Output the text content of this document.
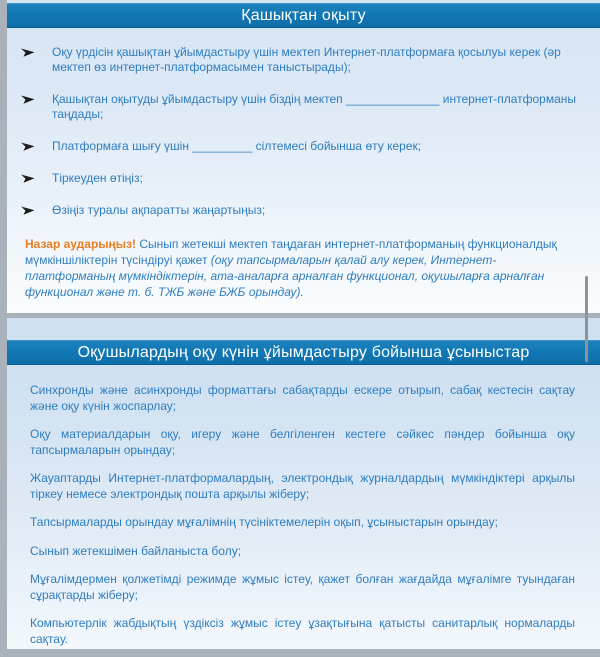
Қашықтан оқыту
Оқу үрдісін қашықтан ұйымдастыру үшін мектеп Интернет-платформаға қосылуы керек (әр мектеп өз интернет-платформасымен таныстырады);
Қашықтан оқытуды ұйымдастыру үшін біздің мектеп ______________ интернет-платформаны таңдады;
Платформаға шығу үшін _________ сілтемесі бойынша өту керек;
Тіркеуден өтіңіз;
Өзіңіз туралы ақпаратты жаңартыңыз;

Назар аударыңыз! Сынып жетекші мектеп таңдаған интернет-платформаның функционалдық мүмкіншіліктерін түсіндіруі қажет (оқу тапсырмаларын қалай алу керек, Интернет-платформаның мүмкіндіктерін, ата-аналарға арналған функционал, оқушыларға арналған функционал және т. б. ТЖБ және БЖБ орындау).

Оқушылардың оқу күнін ұйымдастыру бойынша ұсыныстар

Синхронды және асинхронды форматтағы сабақтарды ескере отырып, сабақ кестесін сақтау және оқу күнін жоспарлау;

Оқу материалдарын оқу, игеру және белгіленген кестеге сәйкес пәндер бойынша оқу тапсырмаларын орындау;

Жауаптарды Интернет-платформалардың, электрондық журналдардың мүмкіндіктері арқылы тіркеу немесе электрондық пошта арқылы жіберу;

Тапсырмаларды орындау мұғалімнің түсініктемелерін оқып, ұсыныстарын орындау;

Сынып жетекшімен байланыста болу;

Мұғалімдермен қолжетімді режимде жұмыс істеу, қажет болған жағдайда мұғалімге туындаған сұрақтарды жіберу;

Компьютерлік жабдықтың үздіксіз жұмыс істеу ұзақтығына қатысты санитарлық нормаларды сақтау.
